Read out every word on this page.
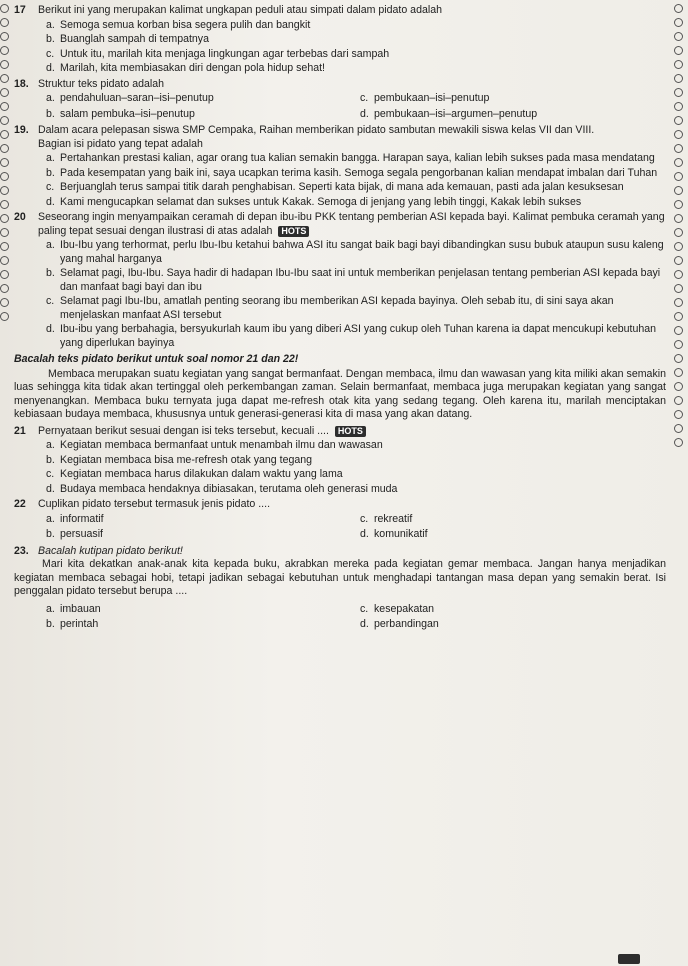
17	Berikut ini yang merupakan kalimat ungkapan peduli atau simpati dalam pidato adalah
a. Semoga semua korban bisa segera pulih dan bangkit
b. Buanglah sampah di tempatnya
c. Untuk itu, marilah kita menjaga lingkungan agar terbebas dari sampah
d. Marilah, kita membiasakan diri dengan pola hidup sehat!
18. Struktur teks pidato adalah
a. pendahuluan–saran–isi–penutup	c. pembukaan–isi–penutup
b. salam pembuka–isi–penutup	d. pembukaan–isi–argumen–penutup
19. Dalam acara pelepasan siswa SMP Cempaka, Raihan memberikan pidato sambutan mewakili siswa kelas VII dan VIII.
Bagian isi pidato yang tepat adalah
a. Pertahankan prestasi kalian, agar orang tua kalian semakin bangga. Harapan saya, kalian lebih sukses pada masa mendatang
b. Pada kesempatan yang baik ini, saya ucapkan terima kasih. Semoga segala pengorbanan kalian mendapat imbalan dari Tuhan
c. Berjuanglah terus sampai titik darah penghabisan. Seperti kata bijak, di mana ada kemauan, pasti ada jalan kesuksesan
d. Kami mengucapkan selamat dan sukses untuk Kakak. Semoga di jenjang yang lebih tinggi, Kakak lebih sukses
20	Seseorang ingin menyampaikan ceramah di depan ibu-ibu PKK tentang pemberian ASI kepada bayi. Kalimat pembuka ceramah yang paling tepat sesuai dengan ilustrasi di atas adalah HOTS
a. Ibu-Ibu yang terhormat, perlu Ibu-Ibu ketahui bahwa ASI itu sangat baik bagi bayi dibandingkan susu bubuk ataupun susu kaleng yang mahal harganya
b. Selamat pagi, Ibu-Ibu. Saya hadir di hadapan Ibu-Ibu saat ini untuk memberikan penjelasan tentang pemberian ASI kepada bayi dan manfaat bagi bayi dan ibu
c. Selamat pagi Ibu-Ibu, amatlah penting seorang ibu memberikan ASI kepada bayinya. Oleh sebab itu, di sini saya akan menjelaskan manfaat ASI tersebut
d. Ibu-ibu yang berbahagia, bersyukurlah kaum ibu yang diberi ASI yang cukup oleh Tuhan karena ia dapat mencukupi kebutuhan yang diperlukan bayinya
Bacalah teks pidato berikut untuk soal nomor 21 dan 22!
Membaca merupakan suatu kegiatan yang sangat bermanfaat. Dengan membaca, ilmu dan wawasan yang kita miliki akan semakin luas sehingga kita tidak akan tertinggal oleh perkembangan zaman. Selain bermanfaat, membaca juga merupakan kegiatan yang sangat menyenangkan. Membaca buku ternyata juga dapat me-refresh otak kita yang sedang tegang. Oleh karena itu, marilah menciptakan kebiasaan budaya membaca, khususnya untuk generasi-generasi kita di masa yang akan datang.
21	Pernyataan berikut sesuai dengan isi teks tersebut, kecuali .... HOTS
a. Kegiatan membaca bermanfaat untuk menambah ilmu dan wawasan
b. Kegiatan membaca bisa me-refresh otak yang tegang
c. Kegiatan membaca harus dilakukan dalam waktu yang lama
d. Budaya membaca hendaknya dibiasakan, terutama oleh generasi muda
22	Cuplikan pidato tersebut termasuk jenis pidato ....
a. informatif	c. rekreatif
b. persuasif	d. komunikatif
23. Bacalah kutipan pidato berikut!
Mari kita dekatkan anak-anak kita kepada buku, akrabkan mereka pada kegiatan gemar membaca. Jangan hanya menjadikan kegiatan membaca sebagai hobi, tetapi jadikan sebagai kebutuhan untuk menghadapi tantangan masa depan yang semakin berat. Isi penggalan pidato tersebut berupa ....
a. imbauan	c. kesepakatan
b. perintah	d. perbandingan
